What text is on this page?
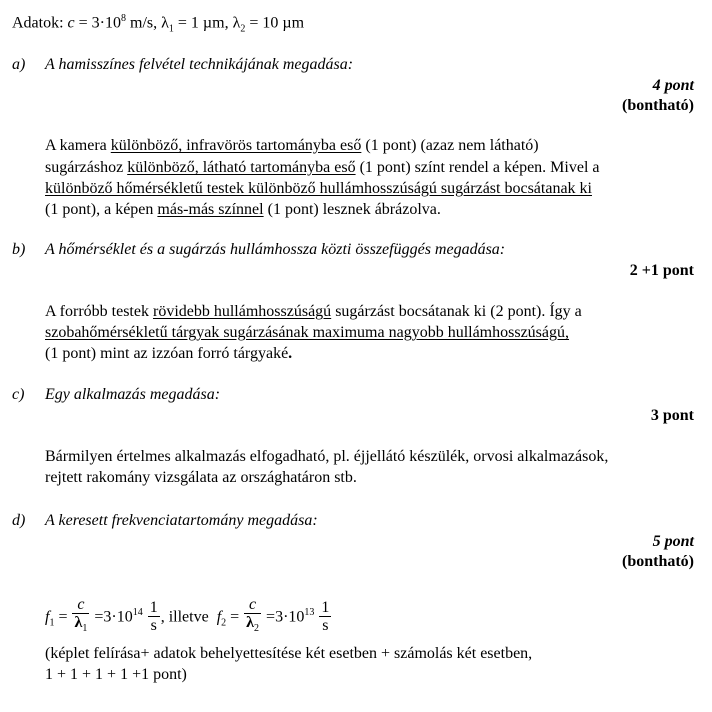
Adatok: $c = 3\cdot 10^8$ m/s, $\lambda_1 = 1$ µm, $\lambda_2 = 10$ µm
a) A hamisszínes felvétel technikájának megadása:
4 pont
(bontható)
A kamera különböző, infravörös tartományba eső (1 pont) (azaz nem látható)
sugárzáshoz különböző, látható tartományba eső (1 pont) színt rendel a képen. Mivel a
különböző hőmérsékletű testek különböző hullámhosszúságú sugárzást bocsátanak ki
(1 pont), a képen más-más színnel (1 pont) lesznek ábrázolva.
b) A hőmérséklet és a sugárzás hullámhossza közti összefüggés megadása:
2 +1 pont
A forróbb testek rövidebb hullámhosszúságú sugárzást bocsátanak ki (2 pont). Így a
szobahőmérsékletű tárgyak sugárzásának maximuma nagyobb hullámhosszúságú,
(1 pont) mint az izzóan forró tárgyaké.
c) Egy alkalmazás megadása:
3 pont
Bármilyen értelmes alkalmazás elfogadható, pl. éjjellátó készülék, orvosi alkalmazások,
rejtett rakomány vizsgálata az országhatáron stb.
d) A keresett frekvenciatartomány megadása:
5 pont
(bontható)
$f_1 = \frac{c}{\lambda_1} =3\cdot 10^{14} \frac{1}{s}$ , illetve $f_2 = \frac{c}{\lambda_2} =3\cdot 10^{13} \frac{1}{s}$
(képlet felírása+ adatok behelyettesítése két esetben + számolás két esetben,
1 + 1 + 1 + 1 +1 pont)
